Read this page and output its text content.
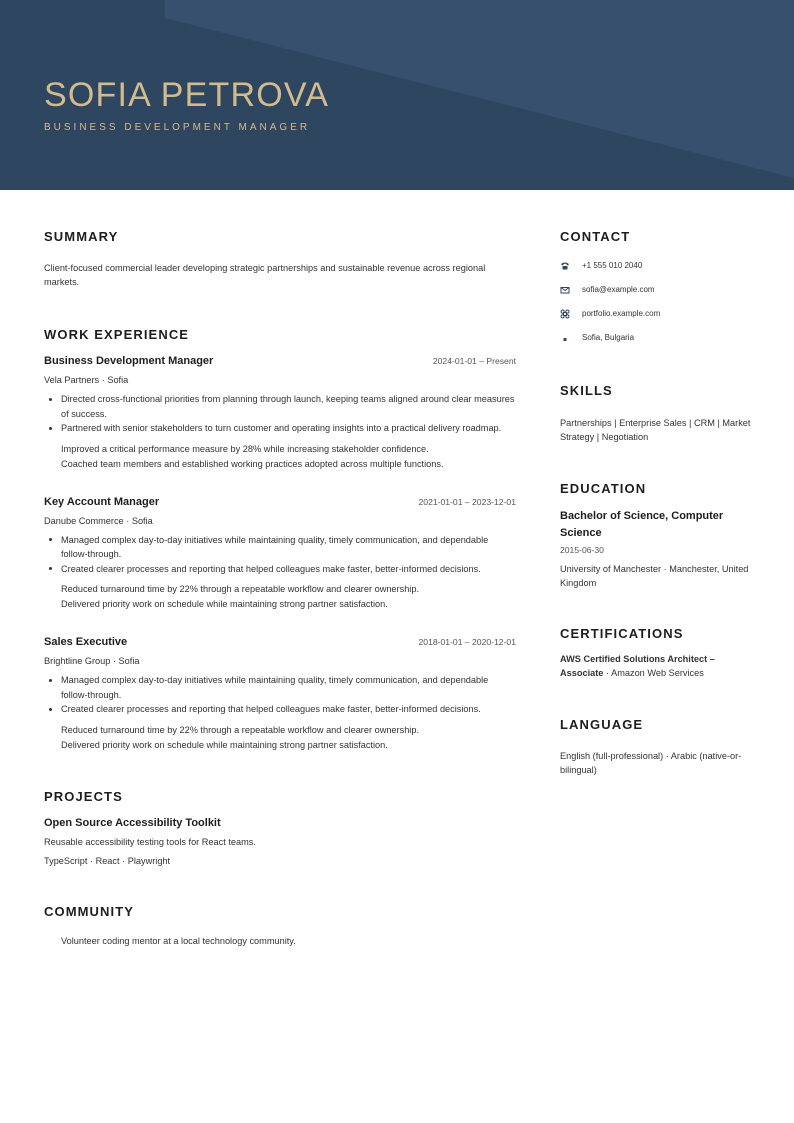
SOFIA PETROVA
BUSINESS DEVELOPMENT MANAGER
SUMMARY

Client-focused commercial leader developing strategic partnerships and sustainable revenue across regional markets.

WORK EXPERIENCE
Business Development Manager	2024-01-01 – Present
Vela Partners · Sofia
Directed cross-functional priorities from planning through launch, keeping teams aligned around clear measures of success.
Partnered with senior stakeholders to turn customer and operating insights into a practical delivery roadmap.
Improved a critical performance measure by 28% while increasing stakeholder confidence.
Coached team members and established working practices adopted across multiple functions.
Key Account Manager	2021-01-01 – 2023-12-01
Danube Commerce · Sofia
Managed complex day-to-day initiatives while maintaining quality, timely communication, and dependable follow-through.
Created clearer processes and reporting that helped colleagues make faster, better-informed decisions.
Reduced turnaround time by 22% through a repeatable workflow and clearer ownership.
Delivered priority work on schedule while maintaining strong partner satisfaction.
Sales Executive	2018-01-01 – 2020-12-01
Brightline Group · Sofia
Managed complex day-to-day initiatives while maintaining quality, timely communication, and dependable follow-through.
Created clearer processes and reporting that helped colleagues make faster, better-informed decisions.
Reduced turnaround time by 22% through a repeatable workflow and clearer ownership.
Delivered priority work on schedule while maintaining strong partner satisfaction.
PROJECTS
Open Source Accessibility Toolkit

Reusable accessibility testing tools for React teams.

TypeScript · React · Playwright

COMMUNITY

Volunteer coding mentor at a local technology community.

CONTACT
+1 555 010 2040
sofia@example.com
portfolio.example.com
Sofia, Bulgaria
SKILLS

Partnerships | Enterprise Sales | CRM | Market Strategy | Negotiation

EDUCATION
Bachelor of Science, Computer Science
2015-06-30

University of Manchester · Manchester, United Kingdom

CERTIFICATIONS

AWS Certified Solutions Architect – Associate · Amazon Web Services

LANGUAGE

English (full-professional) · Arabic (native-or-bilingual)
